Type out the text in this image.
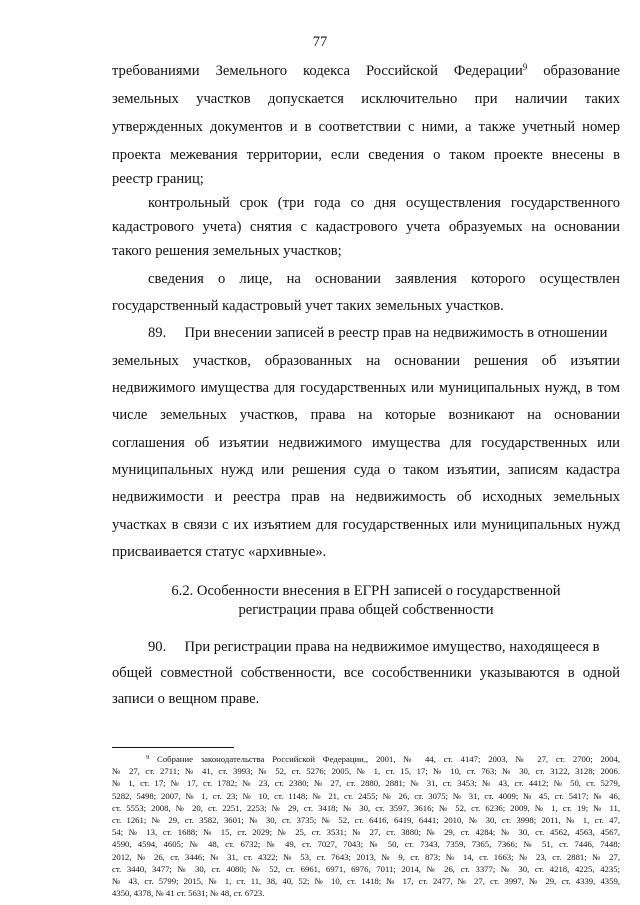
77
требованиями Земельного кодекса Российской Федерации$^9$ образование
земельных участков допускается исключительно при наличии таких
утвержденных документов и в соответствии с ними, а также учетный номер
проекта межевания территории, если сведения о таком проекте внесены в
реестр границ;
контрольный срок (три года со дня осуществления государственного
кадастрового учета) снятия с кадастрового учета образуемых на основании
такого решения земельных участков;
сведения о лице, на основании заявления которого осуществлен
государственный кадастровый учет таких земельных участков.
89.     При внесении записей в реестр прав на недвижимость в отношении
земельных участков, образованных на основании решения об изъятии
недвижимого имущества для государственных или муниципальных нужд, в том
числе земельных участков, права на которые возникают на основании
соглашения об изъятии недвижимого имущества для государственных или
муниципальных нужд или решения суда о таком изъятии, записям кадастра
недвижимости и реестра прав на недвижимость об исходных земельных
участках в связи с их изъятием для государственных или муниципальных нужд
присваивается статус «архивные».
6.2. Особенности внесения в ЕГРН записей о государственной
регистрации права общей собственности
90.     При регистрации права на недвижимое имущество, находящееся в
общей совместной собственности, все сособственники указываются в одной
записи о вещном праве.
$^9$ Собрание законодательства Российской Федерации,, 2001, № 44, ст. 4147; 2003, № 27, ст. 2700; 2004,
№ 27, ст. 2711; № 41, ст. 3993; № 52, ст. 5276; 2005, № 1, ст. 15, 17; № 10, ст. 763; № 30, ст. 3122, 3128; 2006.
№ 1, ст. 17; № 17, ст. 1782; № 23, ст. 2380; № 27, ст. 2880, 2881; № 31, ст. 3453; № 43, ст. 4412; № 50, ст. 5279,
5282, 5498; 2007, № 1, ст. 23; № 10, ст. 1148; № 21, ст. 2455; № 26, ст. 3075; № 31, ст. 4009; № 45, ст. 5417; № 46,
ст. 5553; 2008, № 20, ст. 2251, 2253; № 29, ст. 3418; № 30, ст. 3597, 3616; № 52, ст. 6236; 2009, № 1, ст. 19; № 11,
ст. 1261; № 29, ст. 3582, 3601; № 30, ст. 3735; № 52, ст. 6416, 6419, 6441; 2010, № 30, ст. 3998; 2011, № 1, ст. 47,
54; № 13, ст. 1688; № 15, ст. 2029; № 25, ст. 3531; № 27, ст. 3880; № 29, ст. 4284; № 30, ст. 4562, 4563, 4567,
4590, 4594, 4605; № 48, ст. 6732; № 49, ст. 7027, 7043; № 50, ст. 7343, 7359, 7365, 7366; № 51, ст. 7446, 7448;
2012, № 26, ст. 3446; № 31, ст. 4322; № 53, ст. 7643; 2013, № 9, ст. 873; № 14, ст. 1663; № 23, ст. 2881; № 27,
ст. 3440, 3477; № 30, ст. 4080; № 52, ст. 6961, 6971, 6976, 7011; 2014, № 26, ст. 3377; № 30, ст. 4218, 4225, 4235;
№ 43, ст. 5799; 2015, № 1, ст. 11, 38, 40, 52; № 10, ст. 1418; № 17, ст. 2477, № 27, ст. 3997, № 29, ст. 4339, 4359,
4350, 4378, № 41 ст. 5631; № 48, ст. 6723.
